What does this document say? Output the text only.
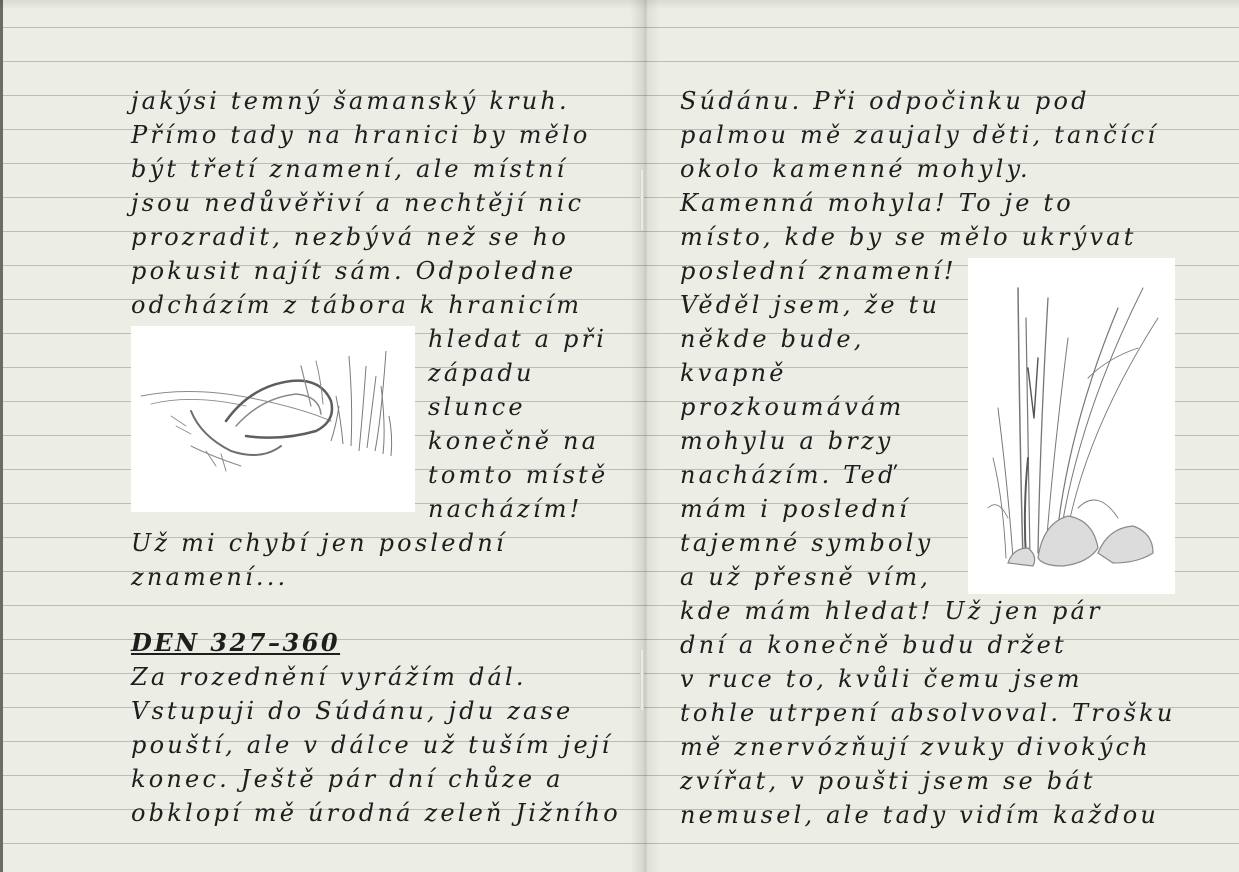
jakýsi temný šamanský kruh.
Přímo tady na hranici by mělo
být třetí znamení, ale místní
jsou nedůvěřiví a nechtějí nic
prozradit, nezbývá než se ho
pokusit najít sám. Odpoledne
odcházím z tábora k hranicím
hledat a při
západu
slunce
konečně na
tomto místě
nacházím!
Už mi chybí jen poslední
znamení...
DEN 327–360
Za rozednění vyrážím dál.
Vstupuji do Súdánu, jdu zase
pouští, ale v dálce už tuším její
konec. Ještě pár dní chůze a
obklopí mě úrodná zeleň Jižního
Súdánu. Při odpočinku pod
palmou mě zaujaly děti, tančící
okolo kamenné mohyly.
Kamenná mohyla! To je to
místo, kde by se mělo ukrývat
poslední znamení!
Věděl jsem, že tu
někde bude,
kvapně
prozkoumávám
mohylu a brzy
nacházím. Teď
mám i poslední
tajemné symboly
a už přesně vím,
kde mám hledat! Už jen pár
dní a konečně budu držet
v ruce to, kvůli čemu jsem
tohle utrpení absolvoval. Trošku
mě znervózňují zvuky divokých
zvířat, v poušti jsem se bát
nemusel, ale tady vidím každou
